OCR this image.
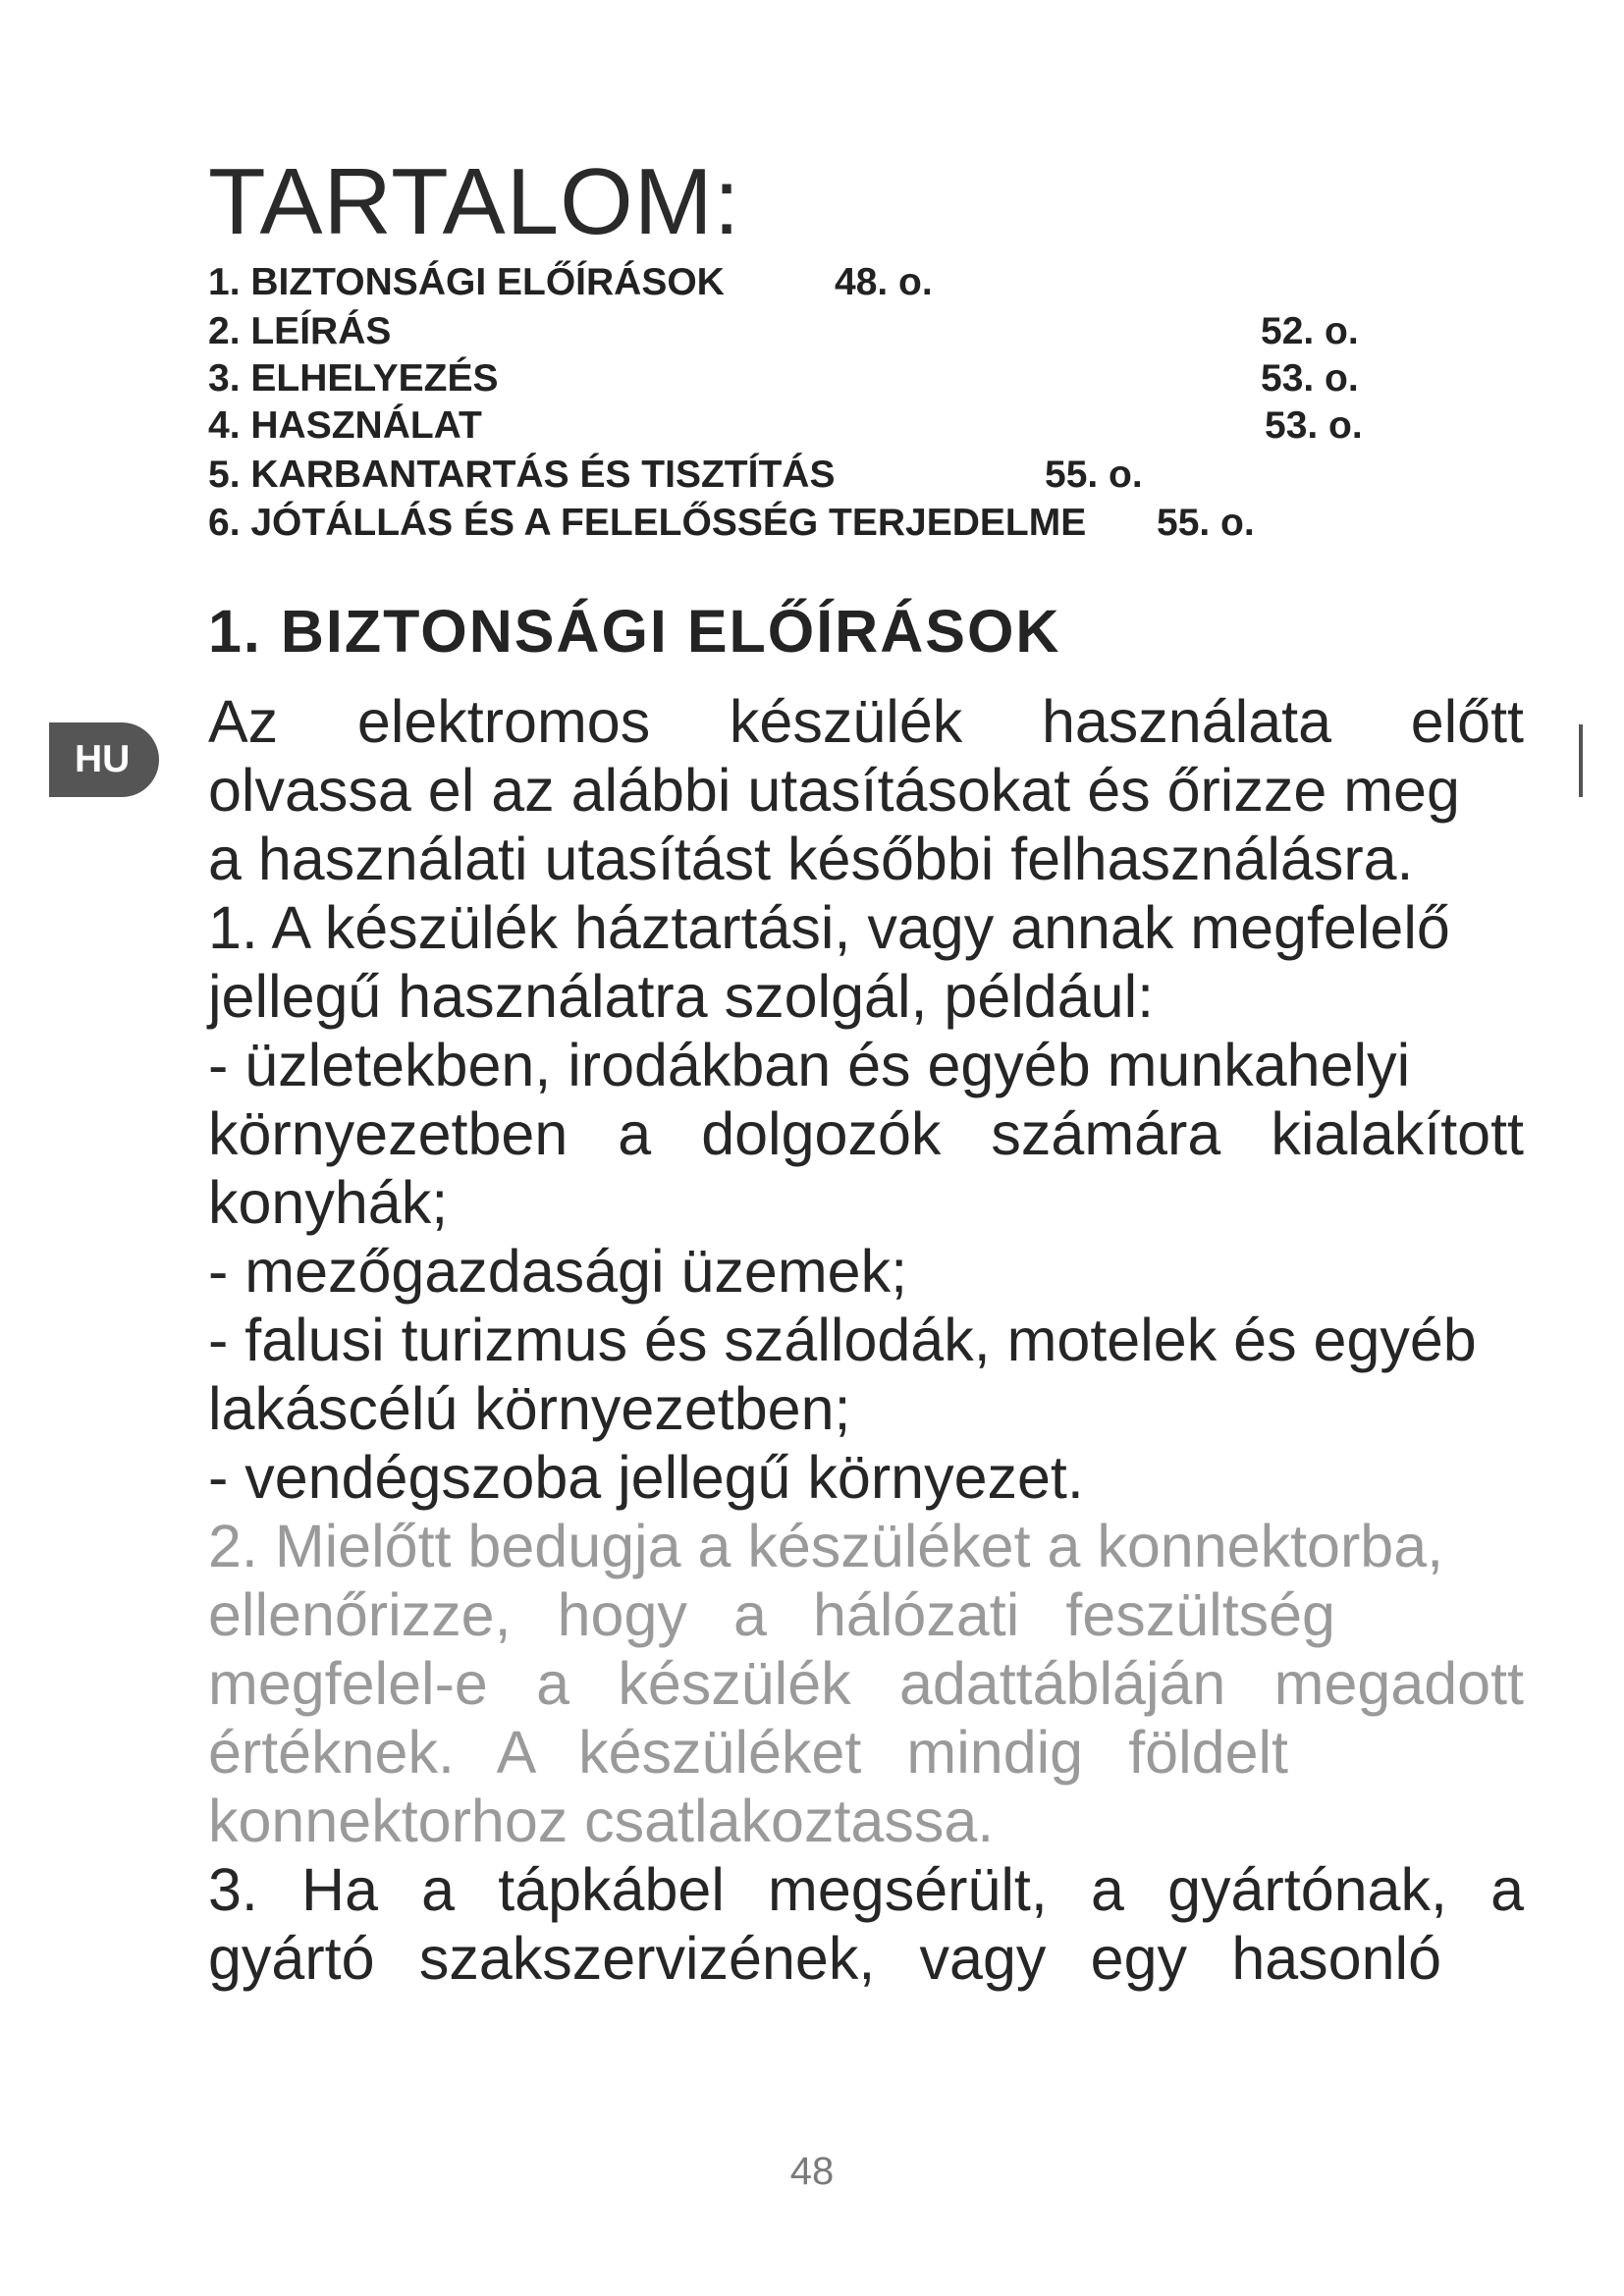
TARTALOM:
1. BIZTONSÁGI ELŐÍRÁSOK	48. o.
2. LEÍRÁS	52. o.
3. ELHELYEZÉS	53. o.
4. HASZNÁLAT	53. o.
5. KARBANTARTÁS ÉS TISZTÍTÁS	55. o.
6. JÓTÁLLÁS ÉS A FELELŐSSÉG TERJEDELME 55. o.
1. BIZTONSÁGI ELŐÍRÁSOK
HU

Az elektromos készülék használata előtt

olvassa el az alábbi utasításokat és őrizze meg

a használati utasítást későbbi felhasználásra.

1. A készülék háztartási, vagy annak megfelelő

jellegű használatra szolgál, például:

- üzletekben, irodákban és egyéb munkahelyi

környezetben a dolgozók számára kialakított

konyhák;

- mezőgazdasági üzemek;

- falusi turizmus és szállodák, motelek és egyéb

lakáscélú környezetben;

- vendégszoba jellegű környezet.

2. Mielőtt bedugja a készüléket a konnektorba,

ellenőrizze, hogy a hálózati feszültség

megfelel-e a készülék adattábláján megadott

értéknek. A készüléket mindig földelt

konnektorhoz csatlakoztassa.

3. Ha a tápkábel megsérült, a gyártónak, a

gyártó szakszervizének, vagy egy hasonló

48
